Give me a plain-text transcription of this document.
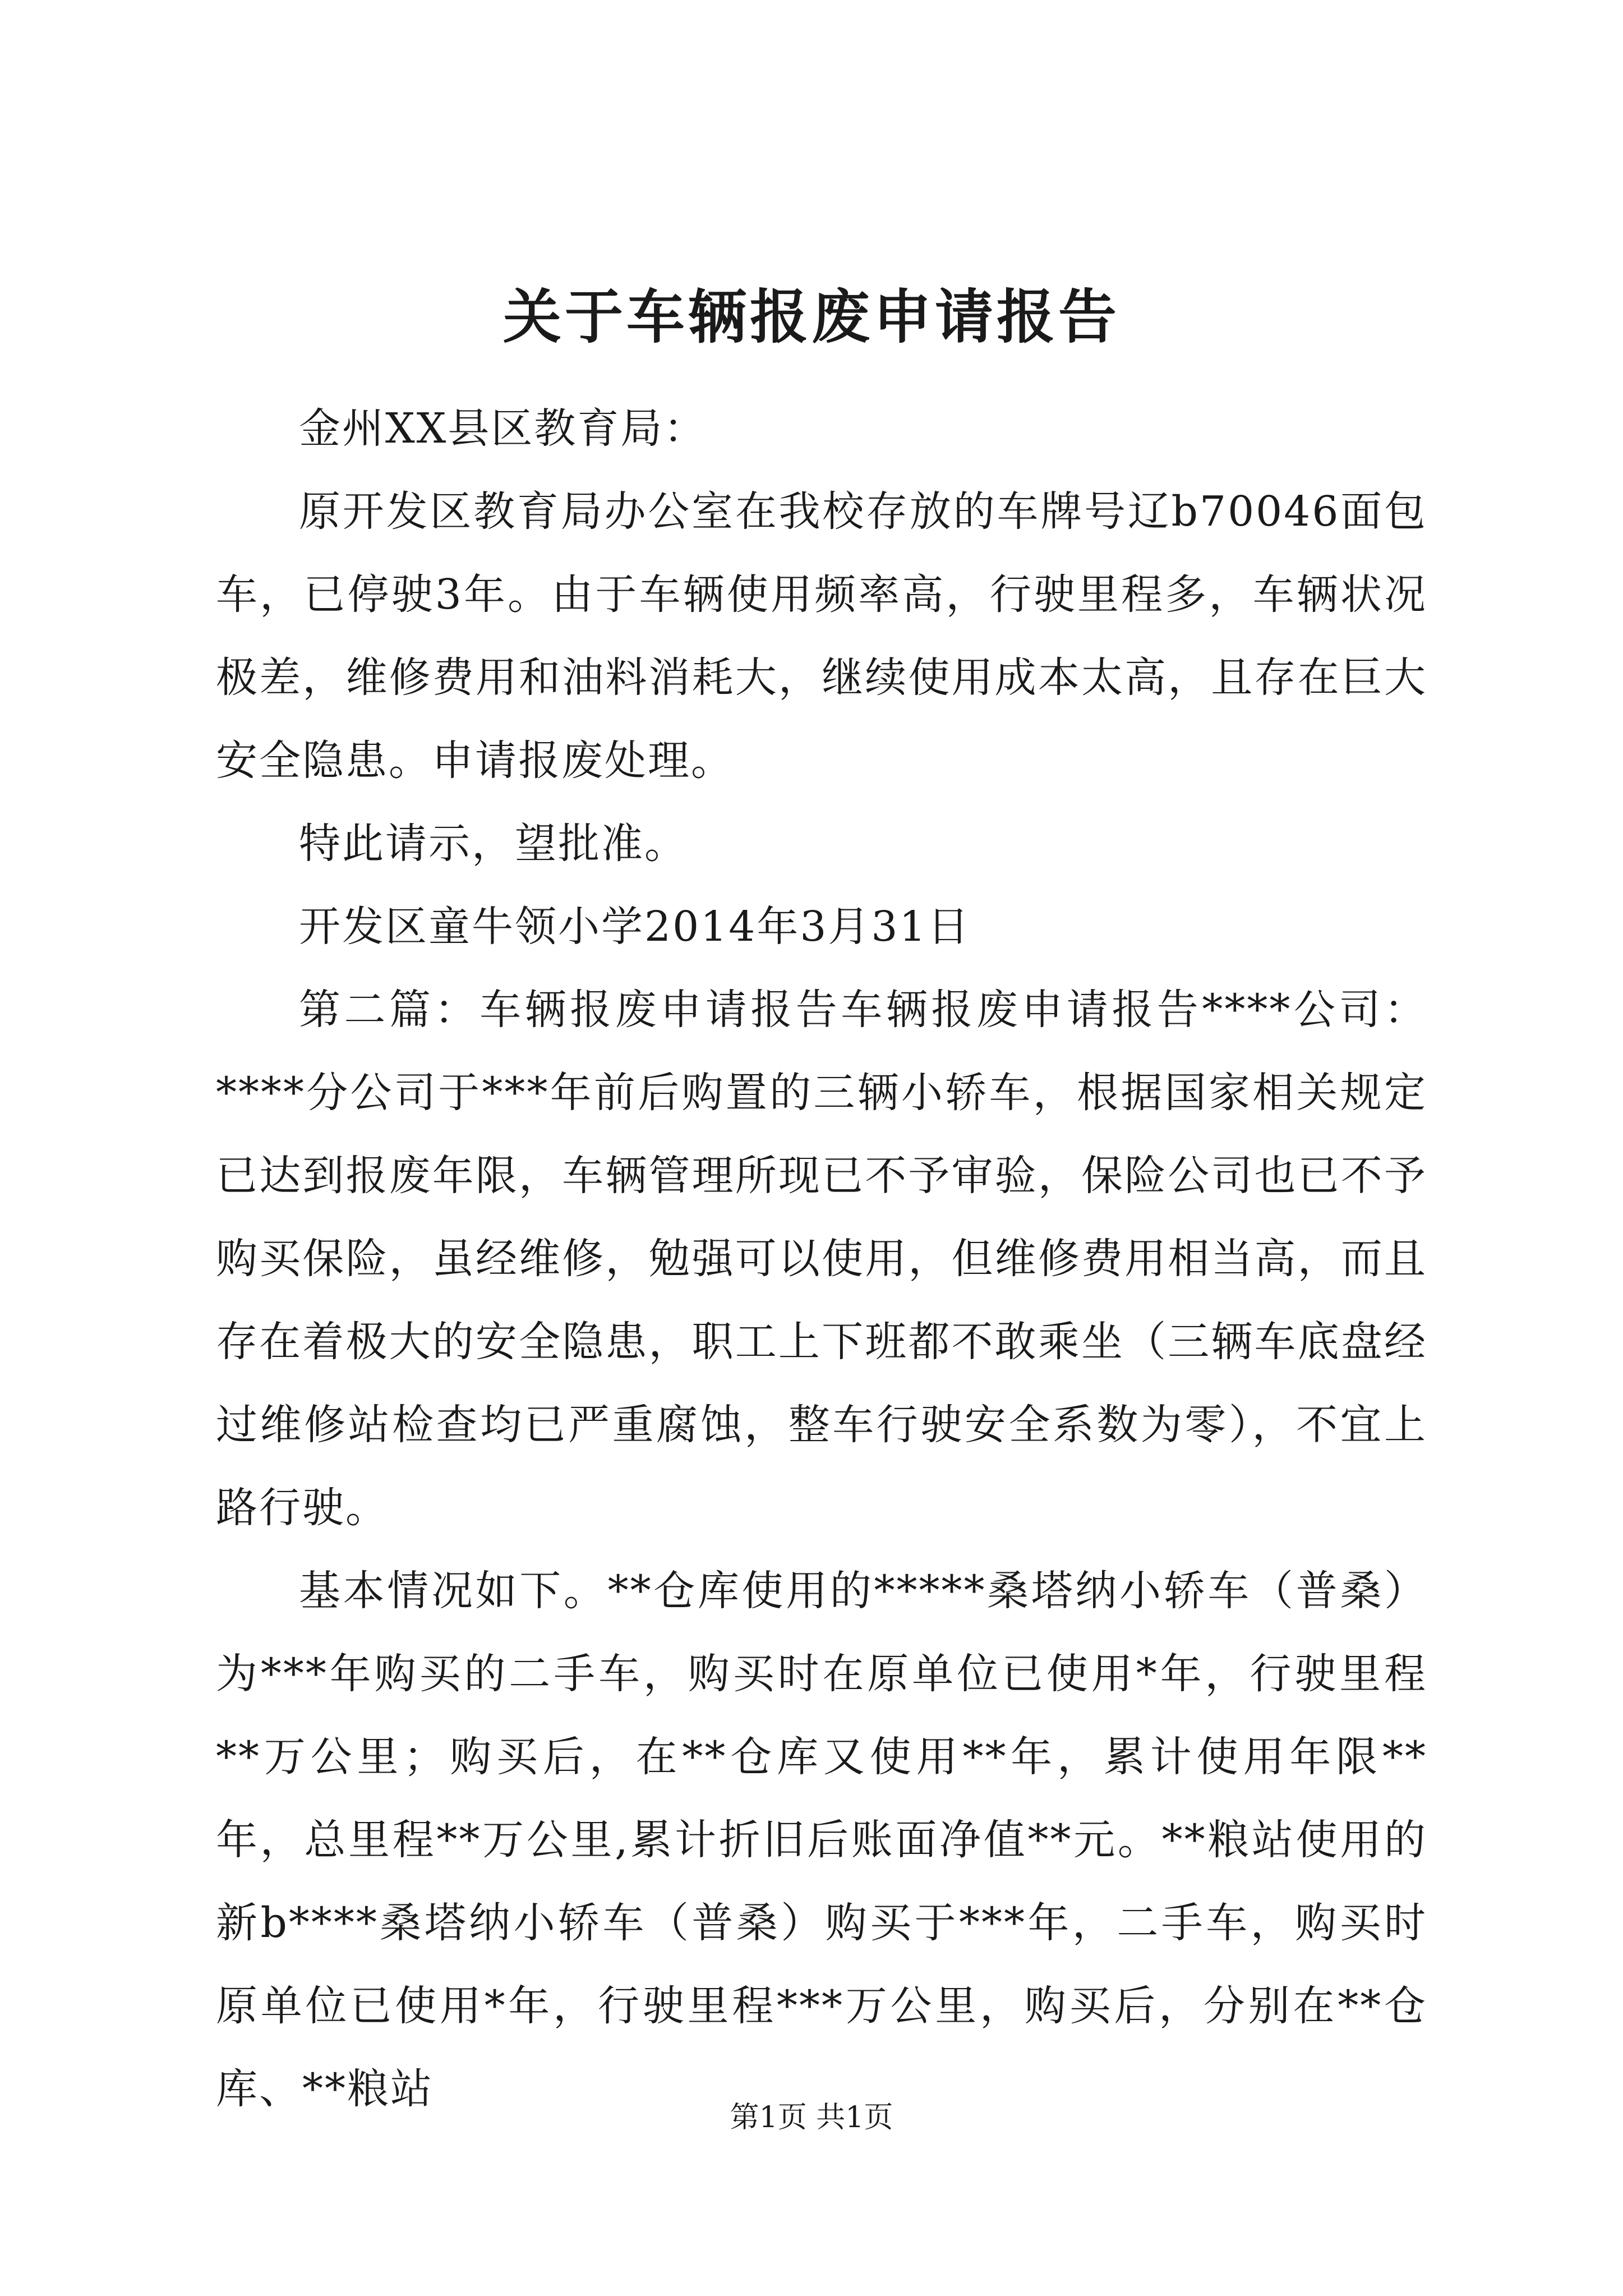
关于车辆报废申请报告

金州XX县区教育局：

原开发区教育局办公室在我校存放的车牌号辽b70046面包车，已停驶3年。由于车辆使用频率高，行驶里程多，车辆状况极差，维修费用和油料消耗大，继续使用成本太高，且存在巨大安全隐患。申请报废处理。

特此请示，望批准。

开发区童牛领小学2014年3月31日

第二篇：车辆报废申请报告车辆报废申请报告****公司：****分公司于***年前后购置的三辆小轿车，根据国家相关规定已达到报废年限，车辆管理所现已不予审验，保险公司也已不予购买保险，虽经维修，勉强可以使用，但维修费用相当高，而且存在着极大的安全隐患，职工上下班都不敢乘坐（三辆车底盘经过维修站检查均已严重腐蚀，整车行驶安全系数为零），不宜上路行驶。

基本情况如下。**仓库使用的*****桑塔纳小轿车（普桑）为***年购买的二手车，购买时在原单位已使用*年，行驶里程**万公里；购买后，在**仓库又使用**年，累计使用年限**年，总里程**万公里,累计折旧后账面净值**元。**粮站使用的新b****桑塔纳小轿车（普桑）购买于***年，二手车，购买时原单位已使用*年，行驶里程***万公里，购买后，分别在**仓库、**粮站

第1页 共1页
